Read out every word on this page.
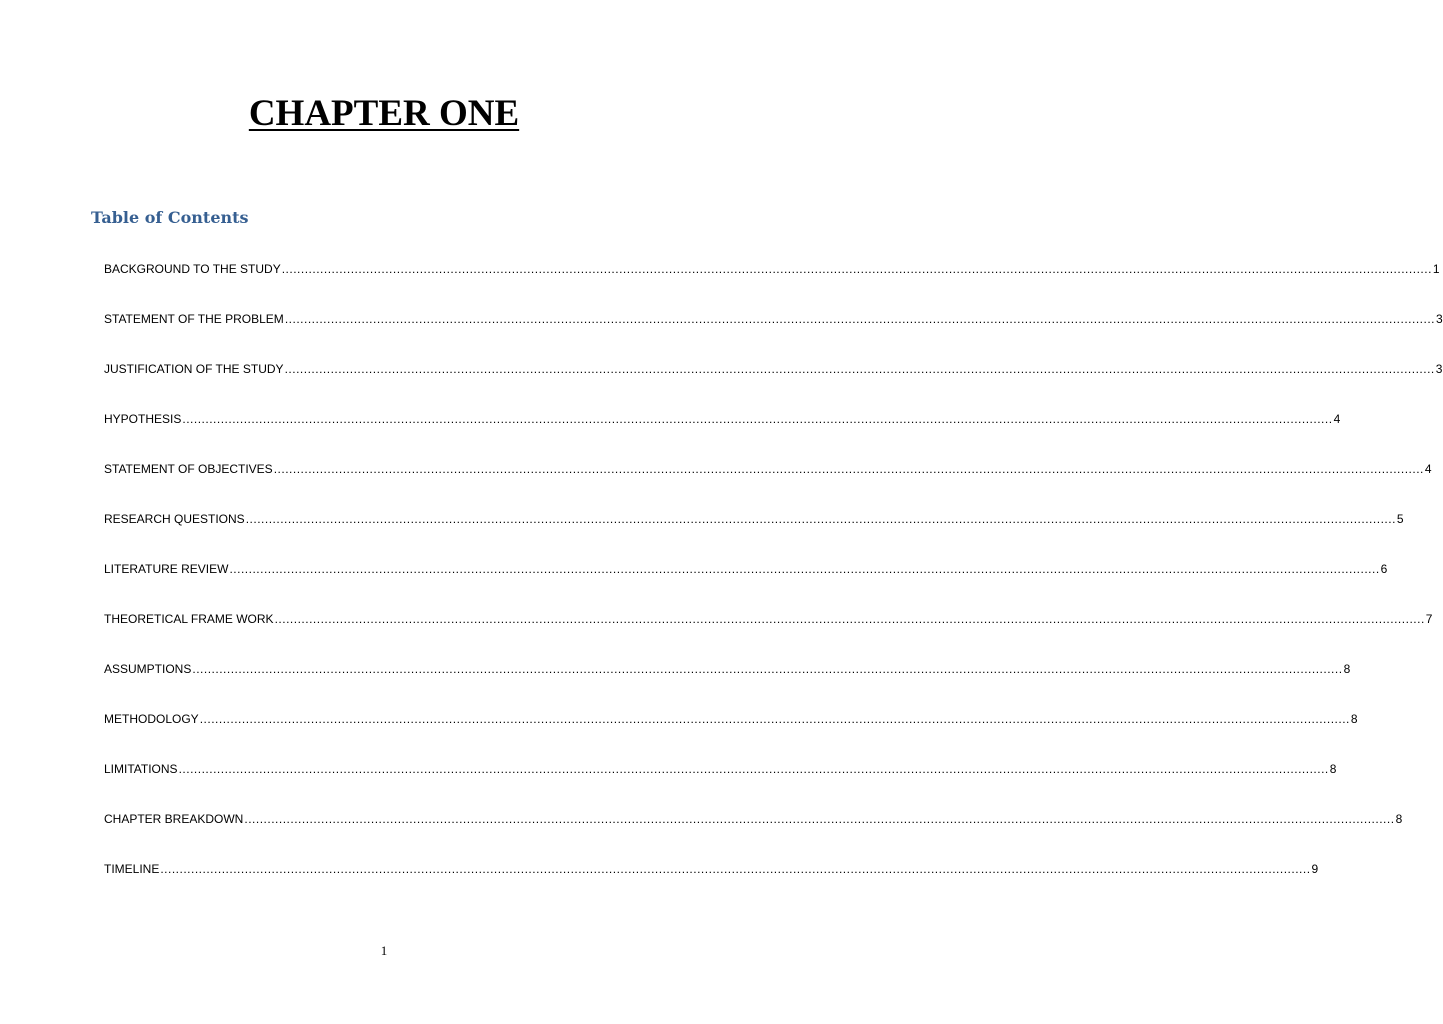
CHAPTER ONE
Table of Contents
BACKGROUND TO THE STUDY ............................................................................................................................................................................................................................................................................................................ 1
STATEMENT OF THE PROBLEM ............................................................................................................................................................................................................................................................................................................ 3
JUSTIFICATION OF THE STUDY ............................................................................................................................................................................................................................................................................................................ 3
HYPOTHESIS ............................................................................................................................................................................................................................................................................................................ 4
STATEMENT OF OBJECTIVES ............................................................................................................................................................................................................................................................................................................ 4
RESEARCH QUESTIONS ............................................................................................................................................................................................................................................................................................................ 5
LITERATURE REVIEW ............................................................................................................................................................................................................................................................................................................ 6
THEORETICAL FRAME WORK ............................................................................................................................................................................................................................................................................................................ 7
ASSUMPTIONS ............................................................................................................................................................................................................................................................................................................ 8
METHODOLOGY ............................................................................................................................................................................................................................................................................................................ 8
LIMITATIONS ............................................................................................................................................................................................................................................................................................................ 8
CHAPTER BREAKDOWN ............................................................................................................................................................................................................................................................................................................ 8
TIMELINE ............................................................................................................................................................................................................................................................................................................ 9
1
